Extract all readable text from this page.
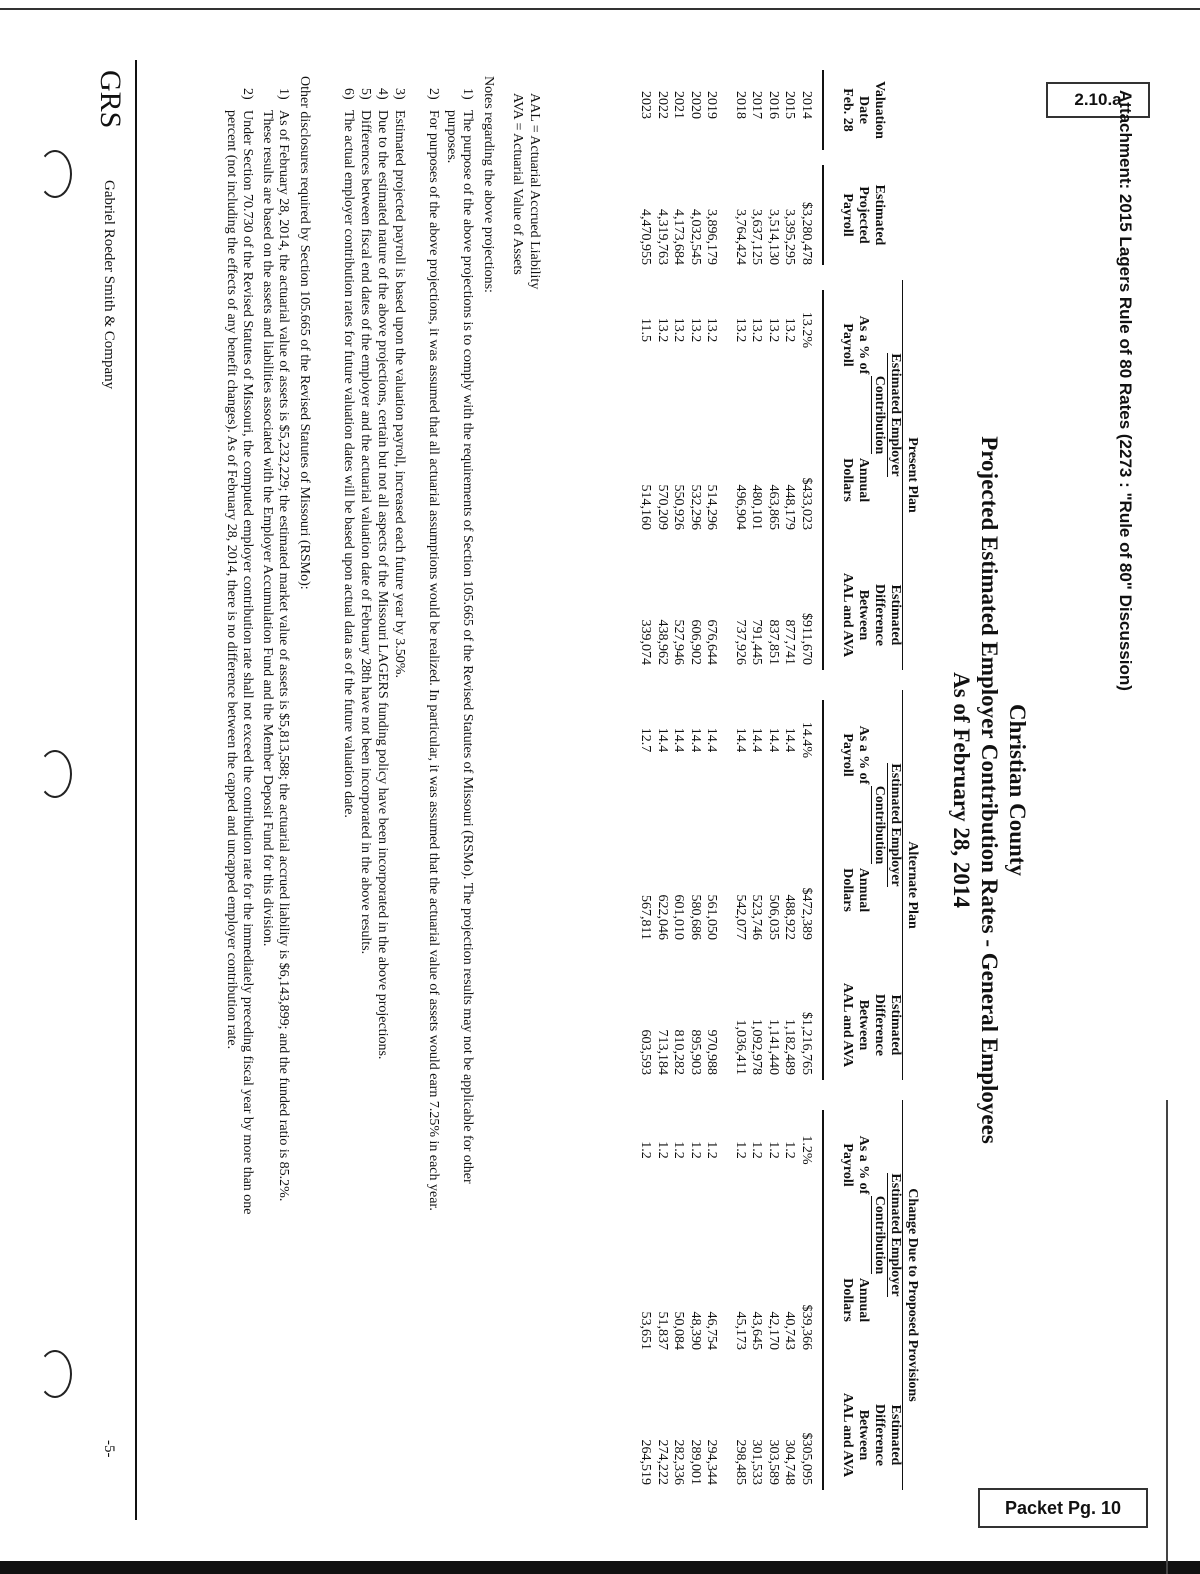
2.10.a
Packet Pg. 10
Attachment: 2015 Lagers Rule of 80 Rates (2273 : "Rule of 80" Discussion)
Christian County
Projected Estimated Employer Contribution Rates - General Employees
As of February 28, 2014
Present Plan
Alternate Plan
Change Due to Proposed Provisions
Estimated Employer
Contribution
Estimated
Difference
Estimated Employer
Contribution
Estimated
Difference
Estimated Employer
Contribution
Estimated
Difference
Valuation
Date
Feb. 28
Estimated
Projected
Payroll
As a % of
Payroll
Annual
Dollars
Between
AAL and AVA
As a % of
Payroll
Annual
Dollars
Between
AAL and AVA
As a % of
Payroll
Annual
Dollars
Between
AAL and AVA
2014
$3,280,478
13.2%
$433,023
$911,670
14.4%
$472,389
$1,216,765
1.2%
$39,366
$305,095
2015
3,395,295
13.2
448,179
877,741
14.4
488,922
1,182,489
1.2
40,743
304,748
2016
3,514,130
13.2
463,865
837,851
14.4
506,035
1,141,440
1.2
42,170
303,589
2017
3,637,125
13.2
480,101
791,445
14.4
523,746
1,092,978
1.2
43,645
301,533
2018
3,764,424
13.2
496,904
737,926
14.4
542,077
1,036,411
1.2
45,173
298,485
2019
3,896,179
13.2
514,296
676,644
14.4
561,050
970,988
1.2
46,754
294,344
2020
4,032,545
13.2
532,296
606,902
14.4
580,686
895,903
1.2
48,390
289,001
2021
4,173,684
13.2
550,926
527,946
14.4
601,010
810,282
1.2
50,084
282,336
2022
4,319,763
13.2
570,209
438,962
14.4
622,046
713,184
1.2
51,837
274,222
2023
4,470,955
11.5
514,160
339,074
12.7
567,811
603,593
1.2
53,651
264,519
AAL = Actuarial Accrued Liability
AVA = Actuarial Value of Assets
Notes regarding the above projections:
1)
The purpose of the above projections is to comply with the requirements of Section 105.665 of the Revised Statutes of Missouri (RSMo). The projection results may not be applicable for other purposes.
2)
For purposes of the above projections, it was assumed that all actuarial assumptions would be realized. In particular, it was assumed that the actuarial value of assets would earn 7.25% in each year.
3)
Estimated projected payroll is based upon the valuation payroll, increased each future year by 3.50%.
4)
Due to the estimated nature of the above projections, certain but not all aspects of the Missouri LAGERS funding policy have been incorporated in the above projections.
5)
Differences between fiscal end dates of the employer and the actuarial valuation date of February 28th have not been incorporated in the above results.
6)
The actual employer contribution rates for future valuation dates will be based upon actual data as of the future valuation date.
Other disclosures required by Section 105.665 of the Revised Statutes of Missouri (RSMo):
1)
As of February 28, 2014, the actuarial value of assets is $5,232,229; the estimated market value of assets is $5,813,588; the actuarial accrued liability is $6,143,899; and the funded ratio is 85.2%. These results are based on the assets and liabilities associated with the Employer Accumulation Fund and the Member Deposit Fund for this division.
2)
Under Section 70.730 of the Revised Statutes of Missouri, the computed employer contribution rate shall not exceed the contribution rate for the immediately preceding fiscal year by more than one percent (not including the effects of any benefit changes). As of February 28, 2014, there is no difference between the capped and uncapped employer contribution rate.
GRS
Gabriel Roeder Smith & Company
-5-
